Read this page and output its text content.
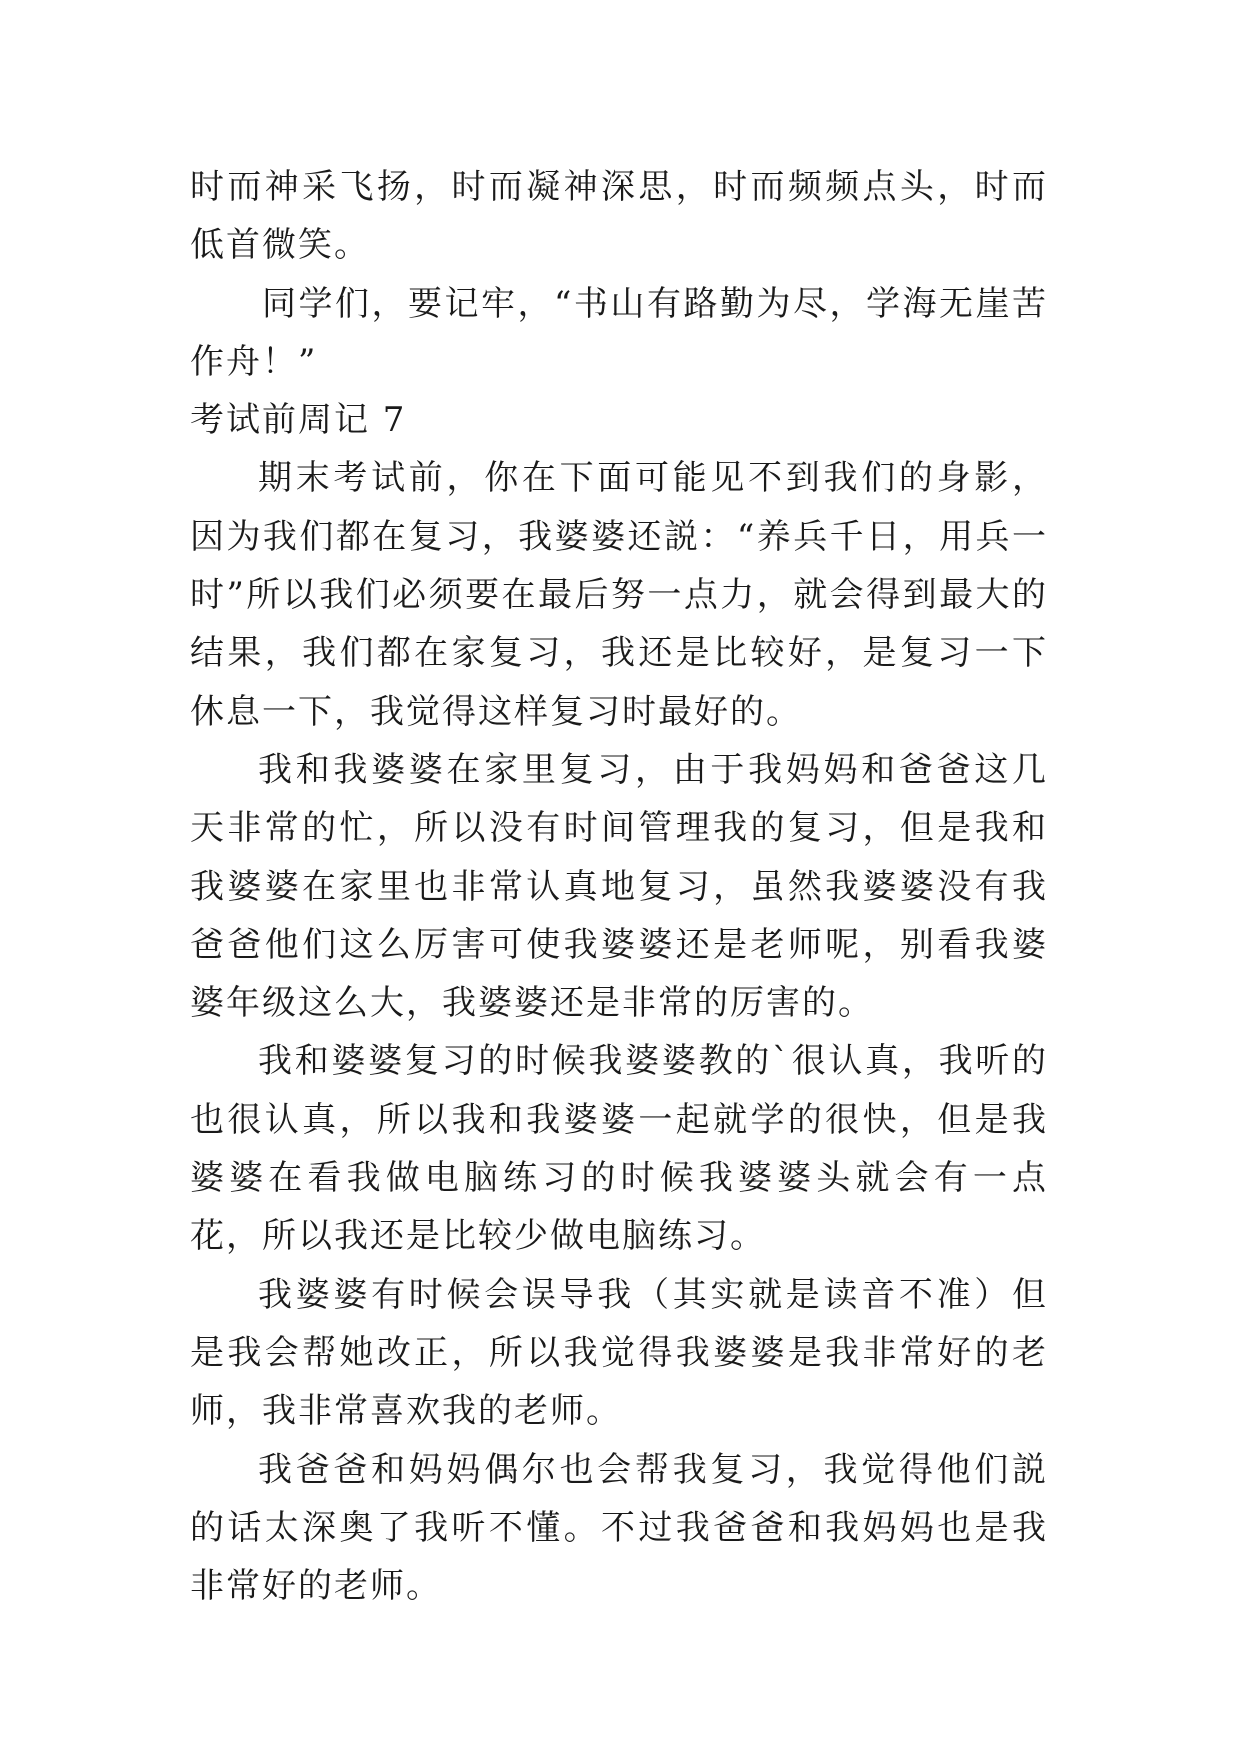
时而神采飞扬，时而凝神深思，时而频频点头，时而低首微笑。

同学们，要记牢，“书山有路勤为尽，学海无崖苦作舟！”

考试前周记 7

期末考试前，你在下面可能见不到我们的身影，因为我们都在复习，我婆婆还説：“养兵千日，用兵一时”所以我们必须要在最后努一点力，就会得到最大的结果，我们都在家复习，我还是比较好，是复习一下休息一下，我觉得这样复习时最好的。

我和我婆婆在家里复习，由于我妈妈和爸爸这几天非常的忙，所以没有时间管理我的复习，但是我和我婆婆在家里也非常认真地复习，虽然我婆婆没有我爸爸他们这么厉害可使我婆婆还是老师呢，别看我婆婆年级这么大，我婆婆还是非常的厉害的。

我和婆婆复习的时候我婆婆教的`很认真，我听的也很认真，所以我和我婆婆一起就学的很快，但是我婆婆在看我做电脑练习的时候我婆婆头就会有一点花，所以我还是比较少做电脑练习。

我婆婆有时候会误导我（其实就是读音不准）但是我会帮她改正，所以我觉得我婆婆是我非常好的老师，我非常喜欢我的老师。

我爸爸和妈妈偶尔也会帮我复习，我觉得他们説的话太深奥了我听不懂。不过我爸爸和我妈妈也是我非常好的老师。
